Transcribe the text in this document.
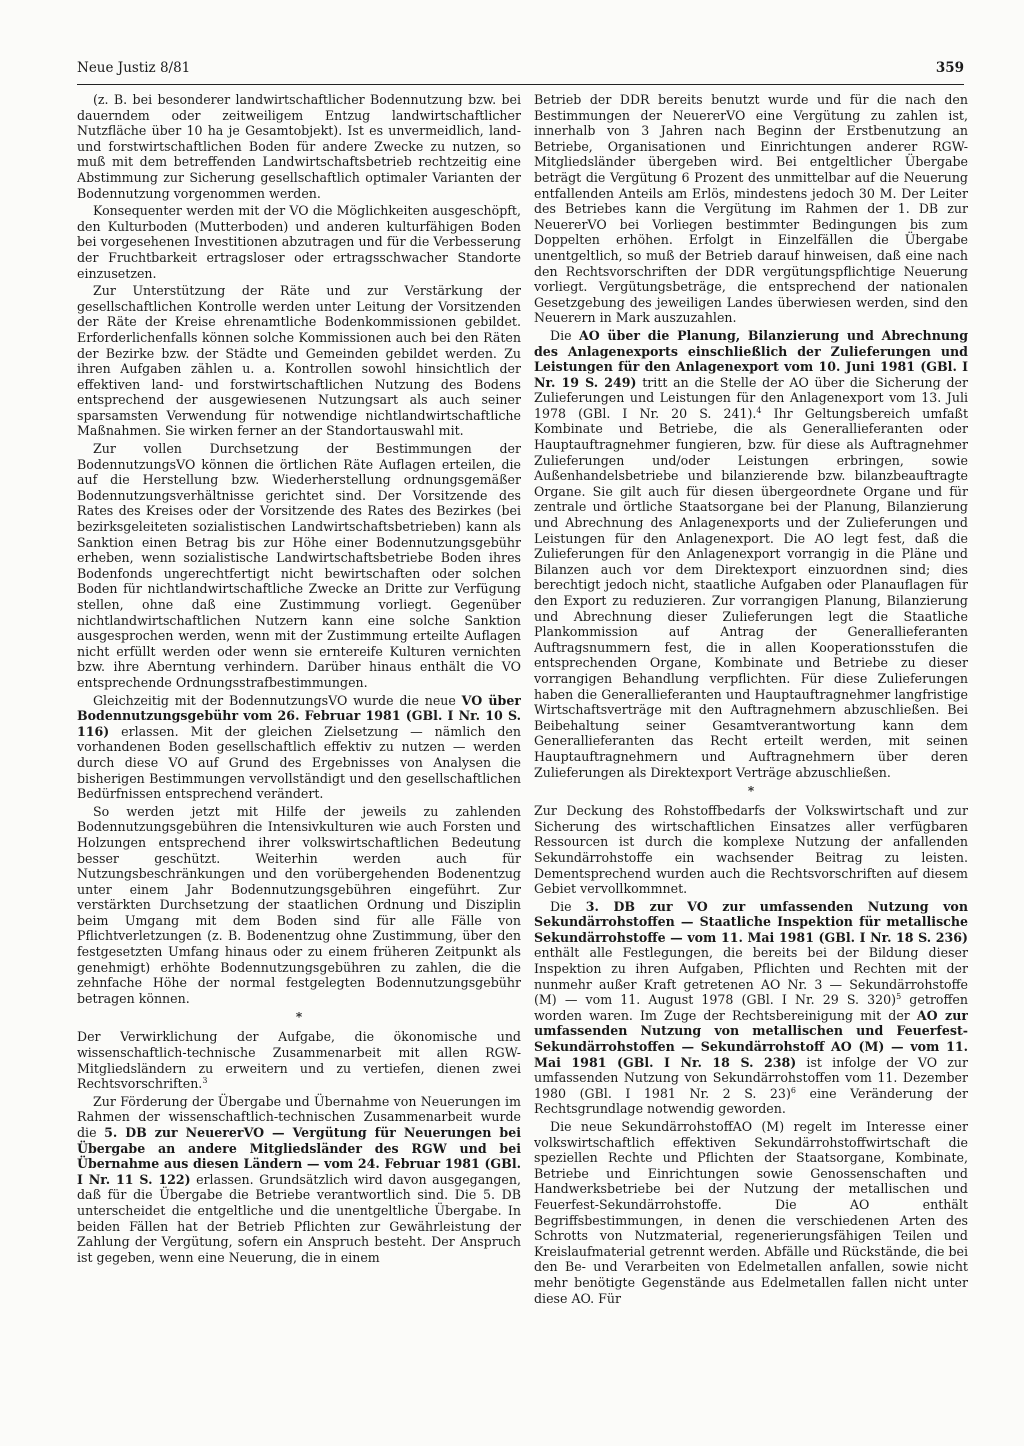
Neue Justiz 8/81	359

(z. B. bei besonderer landwirtschaftlicher Bodennutzung bzw. bei dauerndem oder zeitweiligem Entzug landwirtschaftlicher Nutzfläche über 10 ha je Gesamtobjekt). Ist es unvermeidlich, land- und forstwirtschaftlichen Boden für andere Zwecke zu nutzen, so muß mit dem betreffenden Landwirtschaftsbetrieb rechtzeitig eine Abstimmung zur Sicherung gesellschaftlich optimaler Varianten der Bodennutzung vorgenommen werden.

Konsequenter werden mit der VO die Möglichkeiten ausgeschöpft, den Kulturboden (Mutterboden) und anderen kulturfähigen Boden bei vorgesehenen Investitionen abzutragen und für die Verbesserung der Fruchtbarkeit ertragsloser oder ertragsschwacher Standorte einzusetzen.

Zur Unterstützung der Räte und zur Verstärkung der gesellschaftlichen Kontrolle werden unter Leitung der Vorsitzenden der Räte der Kreise ehrenamtliche Bodenkommissionen gebildet. Erforderlichenfalls können solche Kommissionen auch bei den Räten der Bezirke bzw. der Städte und Gemeinden gebildet werden. Zu ihren Aufgaben zählen u. a. Kontrollen sowohl hinsichtlich der effektiven land- und forstwirtschaftlichen Nutzung des Bodens entsprechend der ausgewiesenen Nutzungsart als auch seiner sparsamsten Verwendung für notwendige nichtlandwirtschaftliche Maßnahmen. Sie wirken ferner an der Standortauswahl mit.

Zur vollen Durchsetzung der Bestimmungen der BodennutzungsVO können die örtlichen Räte Auflagen erteilen, die auf die Herstellung bzw. Wiederherstellung ordnungsgemäßer Bodennutzungsverhältnisse gerichtet sind. Der Vorsitzende des Rates des Kreises oder der Vorsitzende des Rates des Bezirkes (bei bezirksgeleiteten sozialistischen Landwirtschaftsbetrieben) kann als Sanktion einen Betrag bis zur Höhe einer Bodennutzungsgebühr erheben, wenn sozialistische Landwirtschaftsbetriebe Boden ihres Bodenfonds ungerechtfertigt nicht bewirtschaften oder solchen Boden für nichtlandwirtschaftliche Zwecke an Dritte zur Verfügung stellen, ohne daß eine Zustimmung vorliegt. Gegenüber nichtlandwirtschaftlichen Nutzern kann eine solche Sanktion ausgesprochen werden, wenn mit der Zustimmung erteilte Auflagen nicht erfüllt werden oder wenn sie erntereife Kulturen vernichten bzw. ihre Aberntung verhindern. Darüber hinaus enthält die VO entsprechende Ordnungsstrafbestimmungen.

Gleichzeitig mit der BodennutzungsVO wurde die neue VO über Bodennutzungsgebühr vom 26. Februar 1981 (GBl. I Nr. 10 S. 116) erlassen. Mit der gleichen Zielsetzung — nämlich den vorhandenen Boden gesellschaftlich effektiv zu nutzen — werden durch diese VO auf Grund des Ergebnisses von Analysen die bisherigen Bestimmungen vervollständigt und den gesellschaftlichen Bedürfnissen entsprechend verändert.

So werden jetzt mit Hilfe der jeweils zu zahlenden Bodennutzungsgebühren die Intensivkulturen wie auch Forsten und Holzungen entsprechend ihrer volkswirtschaftlichen Bedeutung besser geschützt. Weiterhin werden auch für Nutzungsbeschränkungen und den vorübergehenden Bodenentzug unter einem Jahr Bodennutzungsgebühren eingeführt. Zur verstärkten Durchsetzung der staatlichen Ordnung und Disziplin beim Umgang mit dem Boden sind für alle Fälle von Pflichtverletzungen (z. B. Bodenentzug ohne Zustimmung, über den festgesetzten Umfang hinaus oder zu einem früheren Zeitpunkt als genehmigt) erhöhte Bodennutzungsgebühren zu zahlen, die die zehnfache Höhe der normal festgelegten Bodennutzungsgebühr betragen können.

*

Der Verwirklichung der Aufgabe, die ökonomische und wissenschaftlich-technische Zusammenarbeit mit allen RGW-Mitgliedsländern zu erweitern und zu vertiefen, dienen zwei Rechtsvorschriften.$^3$

Zur Förderung der Übergabe und Übernahme von Neuerungen im Rahmen der wissenschaftlich-technischen Zusammenarbeit wurde die 5. DB zur NeuererVO — Vergütung für Neuerungen bei Übergabe an andere Mitgliedsländer des RGW und bei Übernahme aus diesen Ländern — vom 24. Februar 1981 (GBl. I Nr. 11 S. 122) erlassen. Grundsätzlich wird davon ausgegangen, daß für die Übergabe die Betriebe verantwortlich sind. Die 5. DB unterscheidet die entgeltliche und die unentgeltliche Übergabe. In beiden Fällen hat der Betrieb Pflichten zur Gewährleistung der Zahlung der Vergütung, sofern ein Anspruch besteht. Der Anspruch ist gegeben, wenn eine Neuerung, die in einem

Betrieb der DDR bereits benutzt wurde und für die nach den Bestimmungen der NeuererVO eine Vergütung zu zahlen ist, innerhalb von 3 Jahren nach Beginn der Erstbenutzung an Betriebe, Organisationen und Einrichtungen anderer RGW-Mitgliedsländer übergeben wird. Bei entgeltlicher Übergabe beträgt die Vergütung 6 Prozent des unmittelbar auf die Neuerung entfallenden Anteils am Erlös, mindestens jedoch 30 M. Der Leiter des Betriebes kann die Vergütung im Rahmen der 1. DB zur NeuererVO bei Vorliegen bestimmter Bedingungen bis zum Doppelten erhöhen. Erfolgt in Einzelfällen die Übergabe unentgeltlich, so muß der Betrieb darauf hinweisen, daß eine nach den Rechtsvorschriften der DDR vergütungspflichtige Neuerung vorliegt. Vergütungsbeträge, die entsprechend der nationalen Gesetzgebung des jeweiligen Landes überwiesen werden, sind den Neuerern in Mark auszuzahlen.

Die AO über die Planung, Bilanzierung und Abrechnung des Anlagenexports einschließlich der Zulieferungen und Leistungen für den Anlagenexport vom 10. Juni 1981 (GBl. I Nr. 19 S. 249) tritt an die Stelle der AO über die Sicherung der Zulieferungen und Leistungen für den Anlagenexport vom 13. Juli 1978 (GBl. I Nr. 20 S. 241).$^4$ Ihr Geltungsbereich umfaßt Kombinate und Betriebe, die als Generallieferanten oder Hauptauftragnehmer fungieren, bzw. für diese als Auftragnehmer Zulieferungen und/oder Leistungen erbringen, sowie Außenhandelsbetriebe und bilanzierende bzw. bilanzbeauftragte Organe. Sie gilt auch für diesen übergeordnete Organe und für zentrale und örtliche Staatsorgane bei der Planung, Bilanzierung und Abrechnung des Anlagenexports und der Zulieferungen und Leistungen für den Anlagenexport. Die AO legt fest, daß die Zulieferungen für den Anlagenexport vorrangig in die Pläne und Bilanzen auch vor dem Direktexport einzuordnen sind; dies berechtigt jedoch nicht, staatliche Aufgaben oder Planauflagen für den Export zu reduzieren. Zur vorrangigen Planung, Bilanzierung und Abrechnung dieser Zulieferungen legt die Staatliche Plankommission auf Antrag der Generallieferanten Auftragsnummern fest, die in allen Kooperationsstufen die entsprechenden Organe, Kombinate und Betriebe zu dieser vorrangigen Behandlung verpflichten. Für diese Zulieferungen haben die Generallieferanten und Hauptauftragnehmer langfristige Wirtschaftsverträge mit den Auftragnehmern abzuschließen. Bei Beibehaltung seiner Gesamtverantwortung kann dem Generallieferanten das Recht erteilt werden, mit seinen Hauptauftragnehmern und Auftragnehmern über deren Zulieferungen als Direktexport Verträge abzuschließen.

*

Zur Deckung des Rohstoffbedarfs der Volkswirtschaft und zur Sicherung des wirtschaftlichen Einsatzes aller verfügbaren Ressourcen ist durch die komplexe Nutzung der anfallenden Sekundärrohstoffe ein wachsender Beitrag zu leisten. Dementsprechend wurden auch die Rechtsvorschriften auf diesem Gebiet vervollkommnet.

Die 3. DB zur VO zur umfassenden Nutzung von Sekundärrohstoffen — Staatliche Inspektion für metallische Sekundärrohstoffe — vom 11. Mai 1981 (GBl. I Nr. 18 S. 236) enthält alle Festlegungen, die bereits bei der Bildung dieser Inspektion zu ihren Aufgaben, Pflichten und Rechten mit der nunmehr außer Kraft getretenen AO Nr. 3 — Sekundärrohstoffe (M) — vom 11. August 1978 (GBl. I Nr. 29 S. 320)$^5$ getroffen worden waren. Im Zuge der Rechtsbereinigung mit der AO zur umfassenden Nutzung von metallischen und Feuerfest-Sekundärrohstoffen — Sekundärrohstoff AO (M) — vom 11. Mai 1981 (GBl. I Nr. 18 S. 238) ist infolge der VO zur umfassenden Nutzung von Sekundärrohstoffen vom 11. Dezember 1980 (GBl. I 1981 Nr. 2 S. 23)$^6$ eine Veränderung der Rechtsgrundlage notwendig geworden.

Die neue SekundärrohstoffAO (M) regelt im Interesse einer volkswirtschaftlich effektiven Sekundärrohstoffwirtschaft die speziellen Rechte und Pflichten der Staatsorgane, Kombinate, Betriebe und Einrichtungen sowie Genossenschaften und Handwerksbetriebe bei der Nutzung der metallischen und Feuerfest-Sekundärrohstoffe. Die AO enthält Begriffsbestimmungen, in denen die verschiedenen Arten des Schrotts von Nutzmaterial, regenerierungsfähigen Teilen und Kreislaufmaterial getrennt werden. Abfälle und Rückstände, die bei den Be- und Verarbeiten von Edelmetallen anfallen, sowie nicht mehr benötigte Gegenstände aus Edelmetallen fallen nicht unter diese AO. Für
